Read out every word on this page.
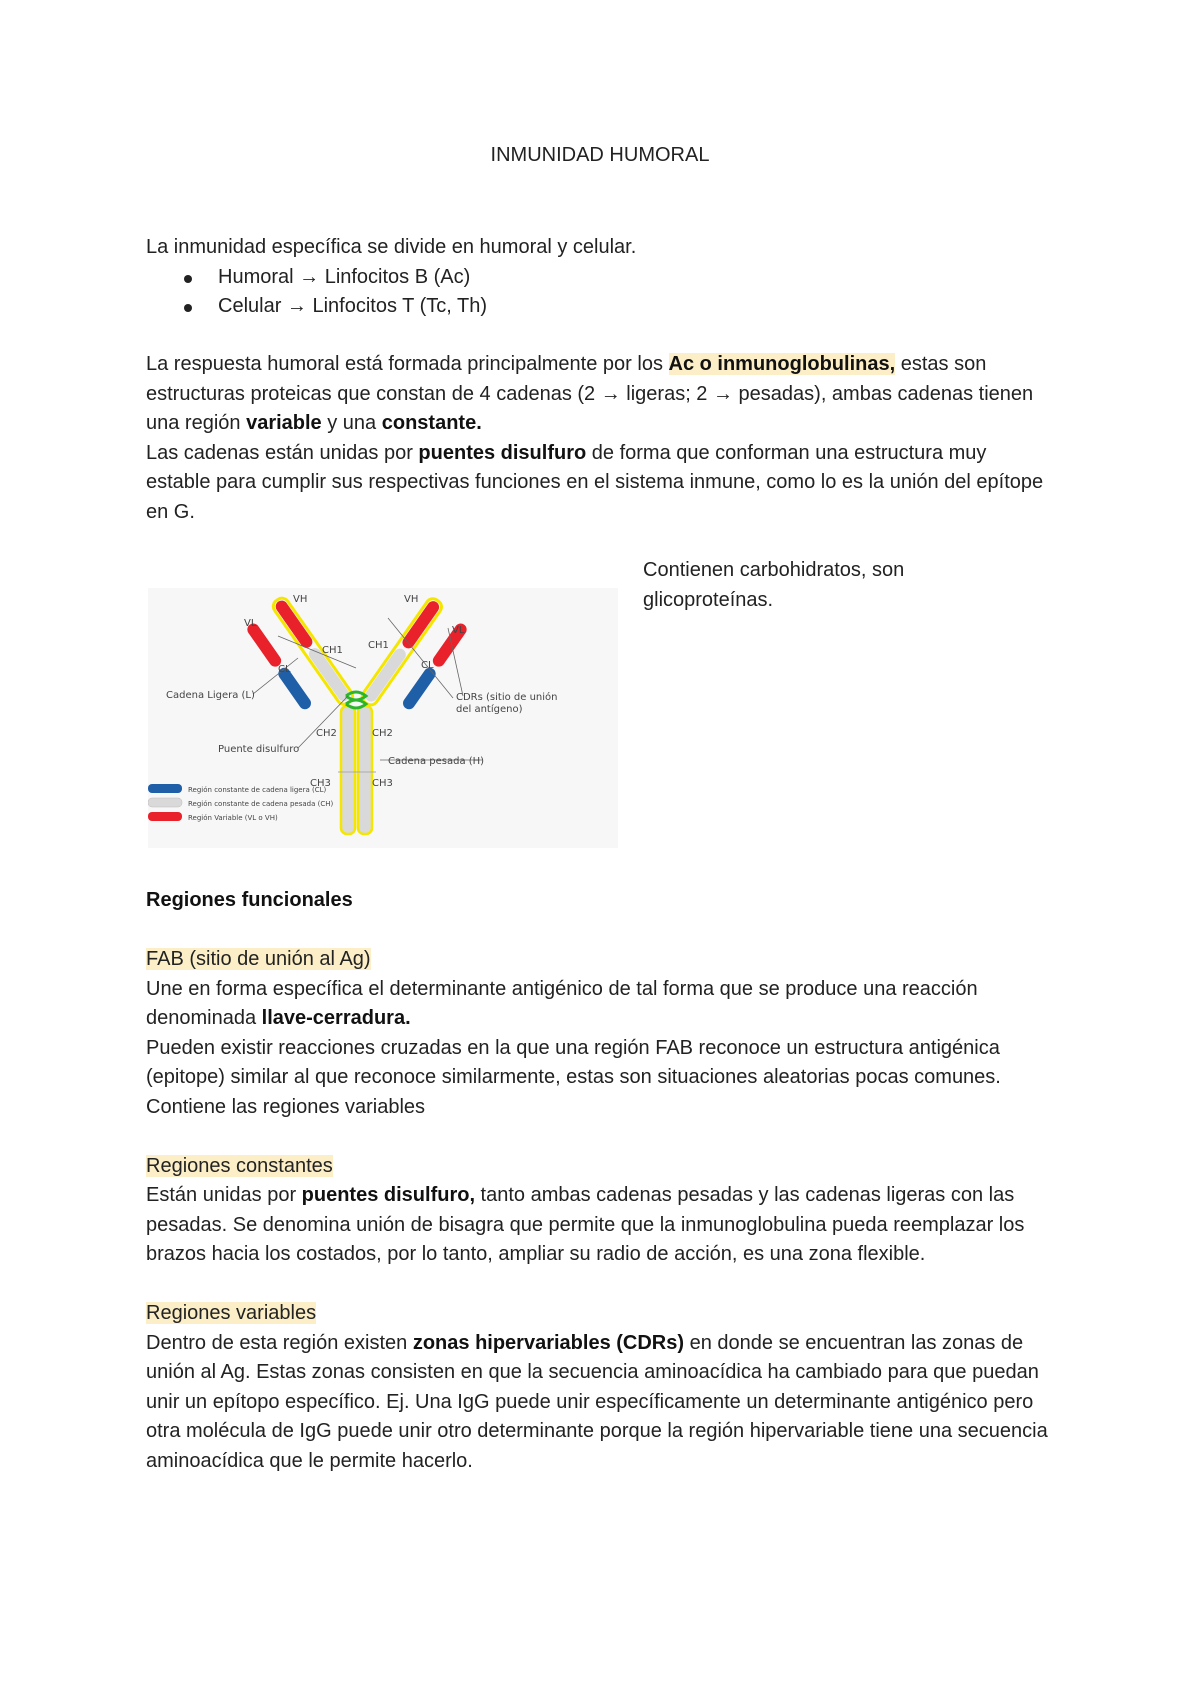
INMUNIDAD HUMORAL

La inmunidad específica se divide en humoral y celular.

Humoral → Linfocitos B (Ac)
Celular → Linfocitos T (Tc, Th)

La respuesta humoral está formada principalmente por los Ac o inmunoglobulinas, estas son estructuras proteicas que constan de 4 cadenas (2 → ligeras; 2 → pesadas), ambas cadenas tienen una región variable y una constante.

Las cadenas están unidas por puentes disulfuro de forma que conforman una estructura muy estable para cumplir sus respectivas funciones en el sistema inmune, como lo es la unión del epítope en G.

Contienen carbohidratos, son
glicoproteínas.
VH
VL
CH1
CL
VH
VL
CH1
CL
CH2	CH2
CH3	CH3
Cadena Ligera (L)
Puente disulfuro
Cadena pesada (H)
CDRs (sitio de unión
del antígeno)
Región constante de cadena ligera (CL)
Región constante de cadena pesada (CH)
Región Variable (VL o VH)

Regiones funcionales

FAB (sitio de unión al Ag)

Une en forma específica el determinante antigénico de tal forma que se produce una reacción denominada llave-cerradura.

Pueden existir reacciones cruzadas en la que una región FAB reconoce un estructura antigénica (epitope) similar al que reconoce similarmente, estas son situaciones aleatorias pocas comunes.

Contiene las regiones variables

Regiones constantes

Están unidas por puentes disulfuro, tanto ambas cadenas pesadas y las cadenas ligeras con las pesadas. Se denomina unión de bisagra que permite que la inmunoglobulina pueda reemplazar los brazos hacia los costados, por lo tanto, ampliar su radio de acción, es una zona flexible.

Regiones variables

Dentro de esta región existen zonas hipervariables (CDRs) en donde se encuentran las zonas de unión al Ag. Estas zonas consisten en que la secuencia aminoacídica ha cambiado para que puedan unir un epítopo específico. Ej. Una IgG puede unir específicamente un determinante antigénico pero otra molécula de IgG puede unir otro determinante porque la región hipervariable tiene una secuencia aminoacídica que le permite hacerlo.
